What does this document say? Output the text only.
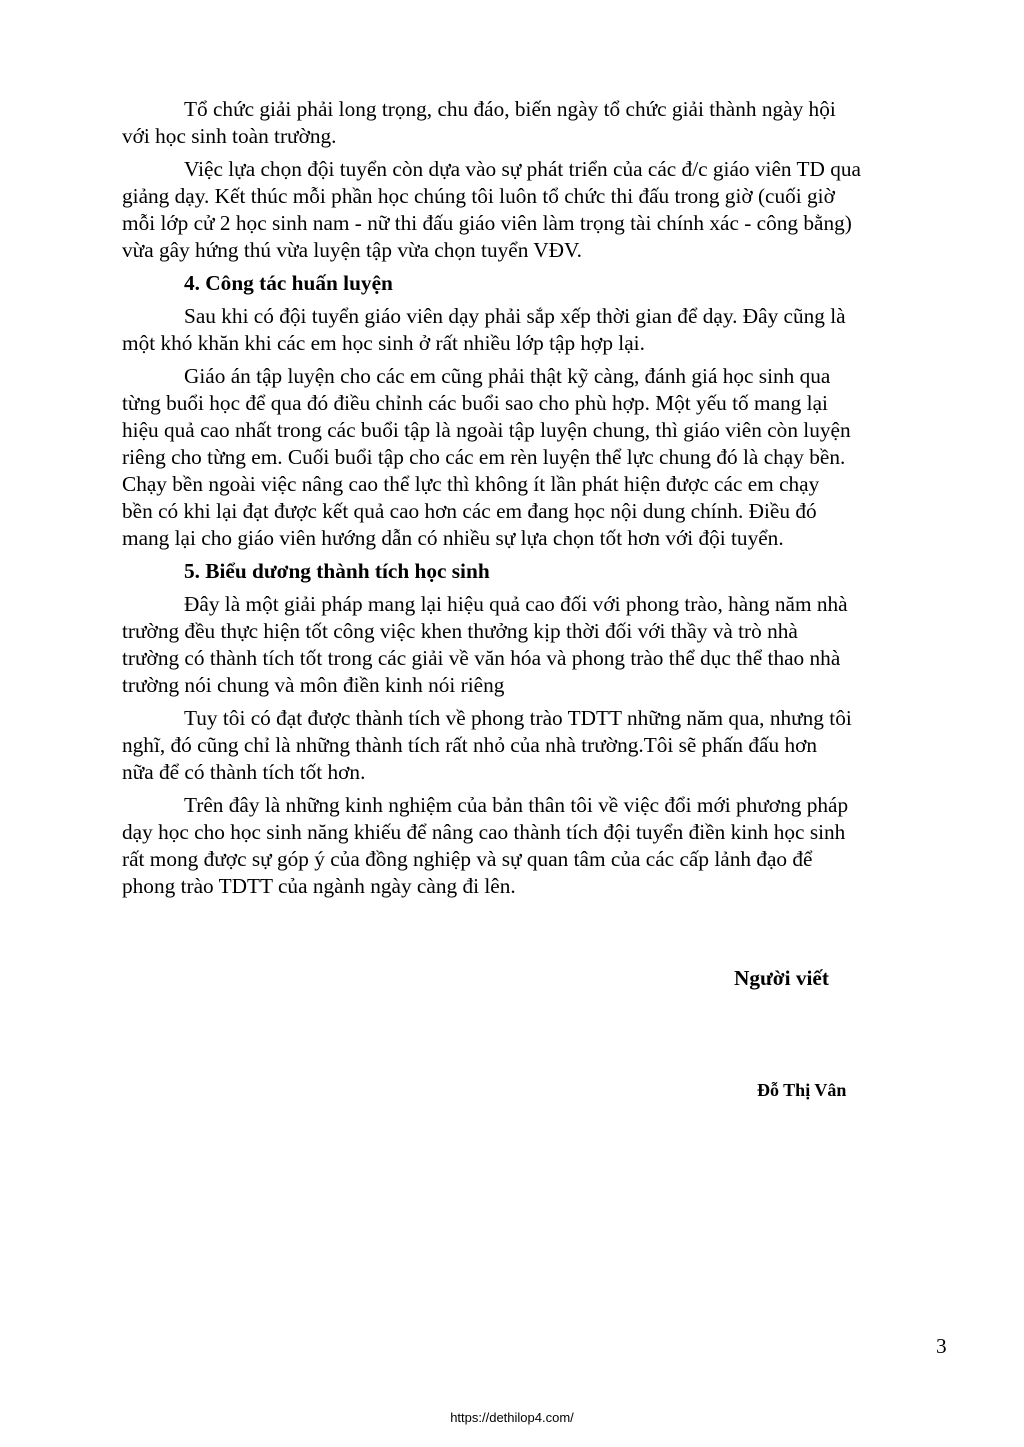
Tổ chức giải phải long trọng, chu đáo, biến ngày tổ chức giải thành ngày hội
với học sinh toàn trường.

Việc lựa chọn đội tuyển còn dựa vào sự phát triển của các đ/c giáo viên TD qua
giảng dạy. Kết thúc mỗi phần học chúng tôi luôn tổ chức thi đấu trong giờ (cuối giờ
mỗi lớp cử 2 học sinh nam - nữ thi đấu giáo viên làm trọng tài chính xác - công bằng)
vừa gây hứng thú vừa luyện tập vừa chọn tuyển VĐV.

4. Công tác huấn luyện

Sau khi có đội tuyển giáo viên dạy phải sắp xếp thời gian để dạy. Đây cũng là
một khó khăn khi các em học sinh ở rất nhiều lớp tập hợp lại.

Giáo án tập luyện cho các em cũng phải thật kỹ càng, đánh giá học sinh qua
từng buổi học để qua đó điều chỉnh các buổi sao cho phù hợp. Một yếu tố mang lại
hiệu quả cao nhất trong các buổi tập là ngoài tập luyện chung, thì giáo viên còn luyện
riêng cho từng em. Cuối buổi tập cho các em rèn luyện thể lực chung đó là chạy bền.
Chạy bền ngoài việc nâng cao thể lực thì không ít lần phát hiện được các em chạy
bền có khi lại đạt được kết quả cao hơn các em đang học nội dung chính. Điều đó
mang lại cho giáo viên hướng dẫn có nhiều sự lựa chọn tốt hơn với đội tuyển.

5. Biểu dương thành tích học sinh

Đây là một giải pháp mang lại hiệu quả cao đối với phong trào, hàng năm nhà
trường đều thực hiện tốt công việc khen thưởng kịp thời đối với thầy và trò nhà
trường có thành tích tốt trong các giải về văn hóa và phong trào thể dục thể thao nhà
trường nói chung và môn điền kinh nói riêng

Tuy tôi có đạt được thành tích về phong trào TDTT những năm qua, nhưng tôi
nghĩ, đó cũng chỉ là những thành tích rất nhỏ của nhà trường.Tôi sẽ phấn đấu hơn
nữa để có thành tích tốt hơn.

Trên đây là những kinh nghiệm của bản thân tôi về việc đổi mới phương pháp
dạy học cho học sinh năng khiếu để nâng cao thành tích đội tuyển điền kinh học sinh
rất mong được sự góp ý của đồng nghiệp và sự quan tâm của các cấp lảnh đạo để
phong trào TDTT của ngành ngày càng đi lên.

Người viết
Đỗ Thị Vân
3
https://dethilop4.com/
